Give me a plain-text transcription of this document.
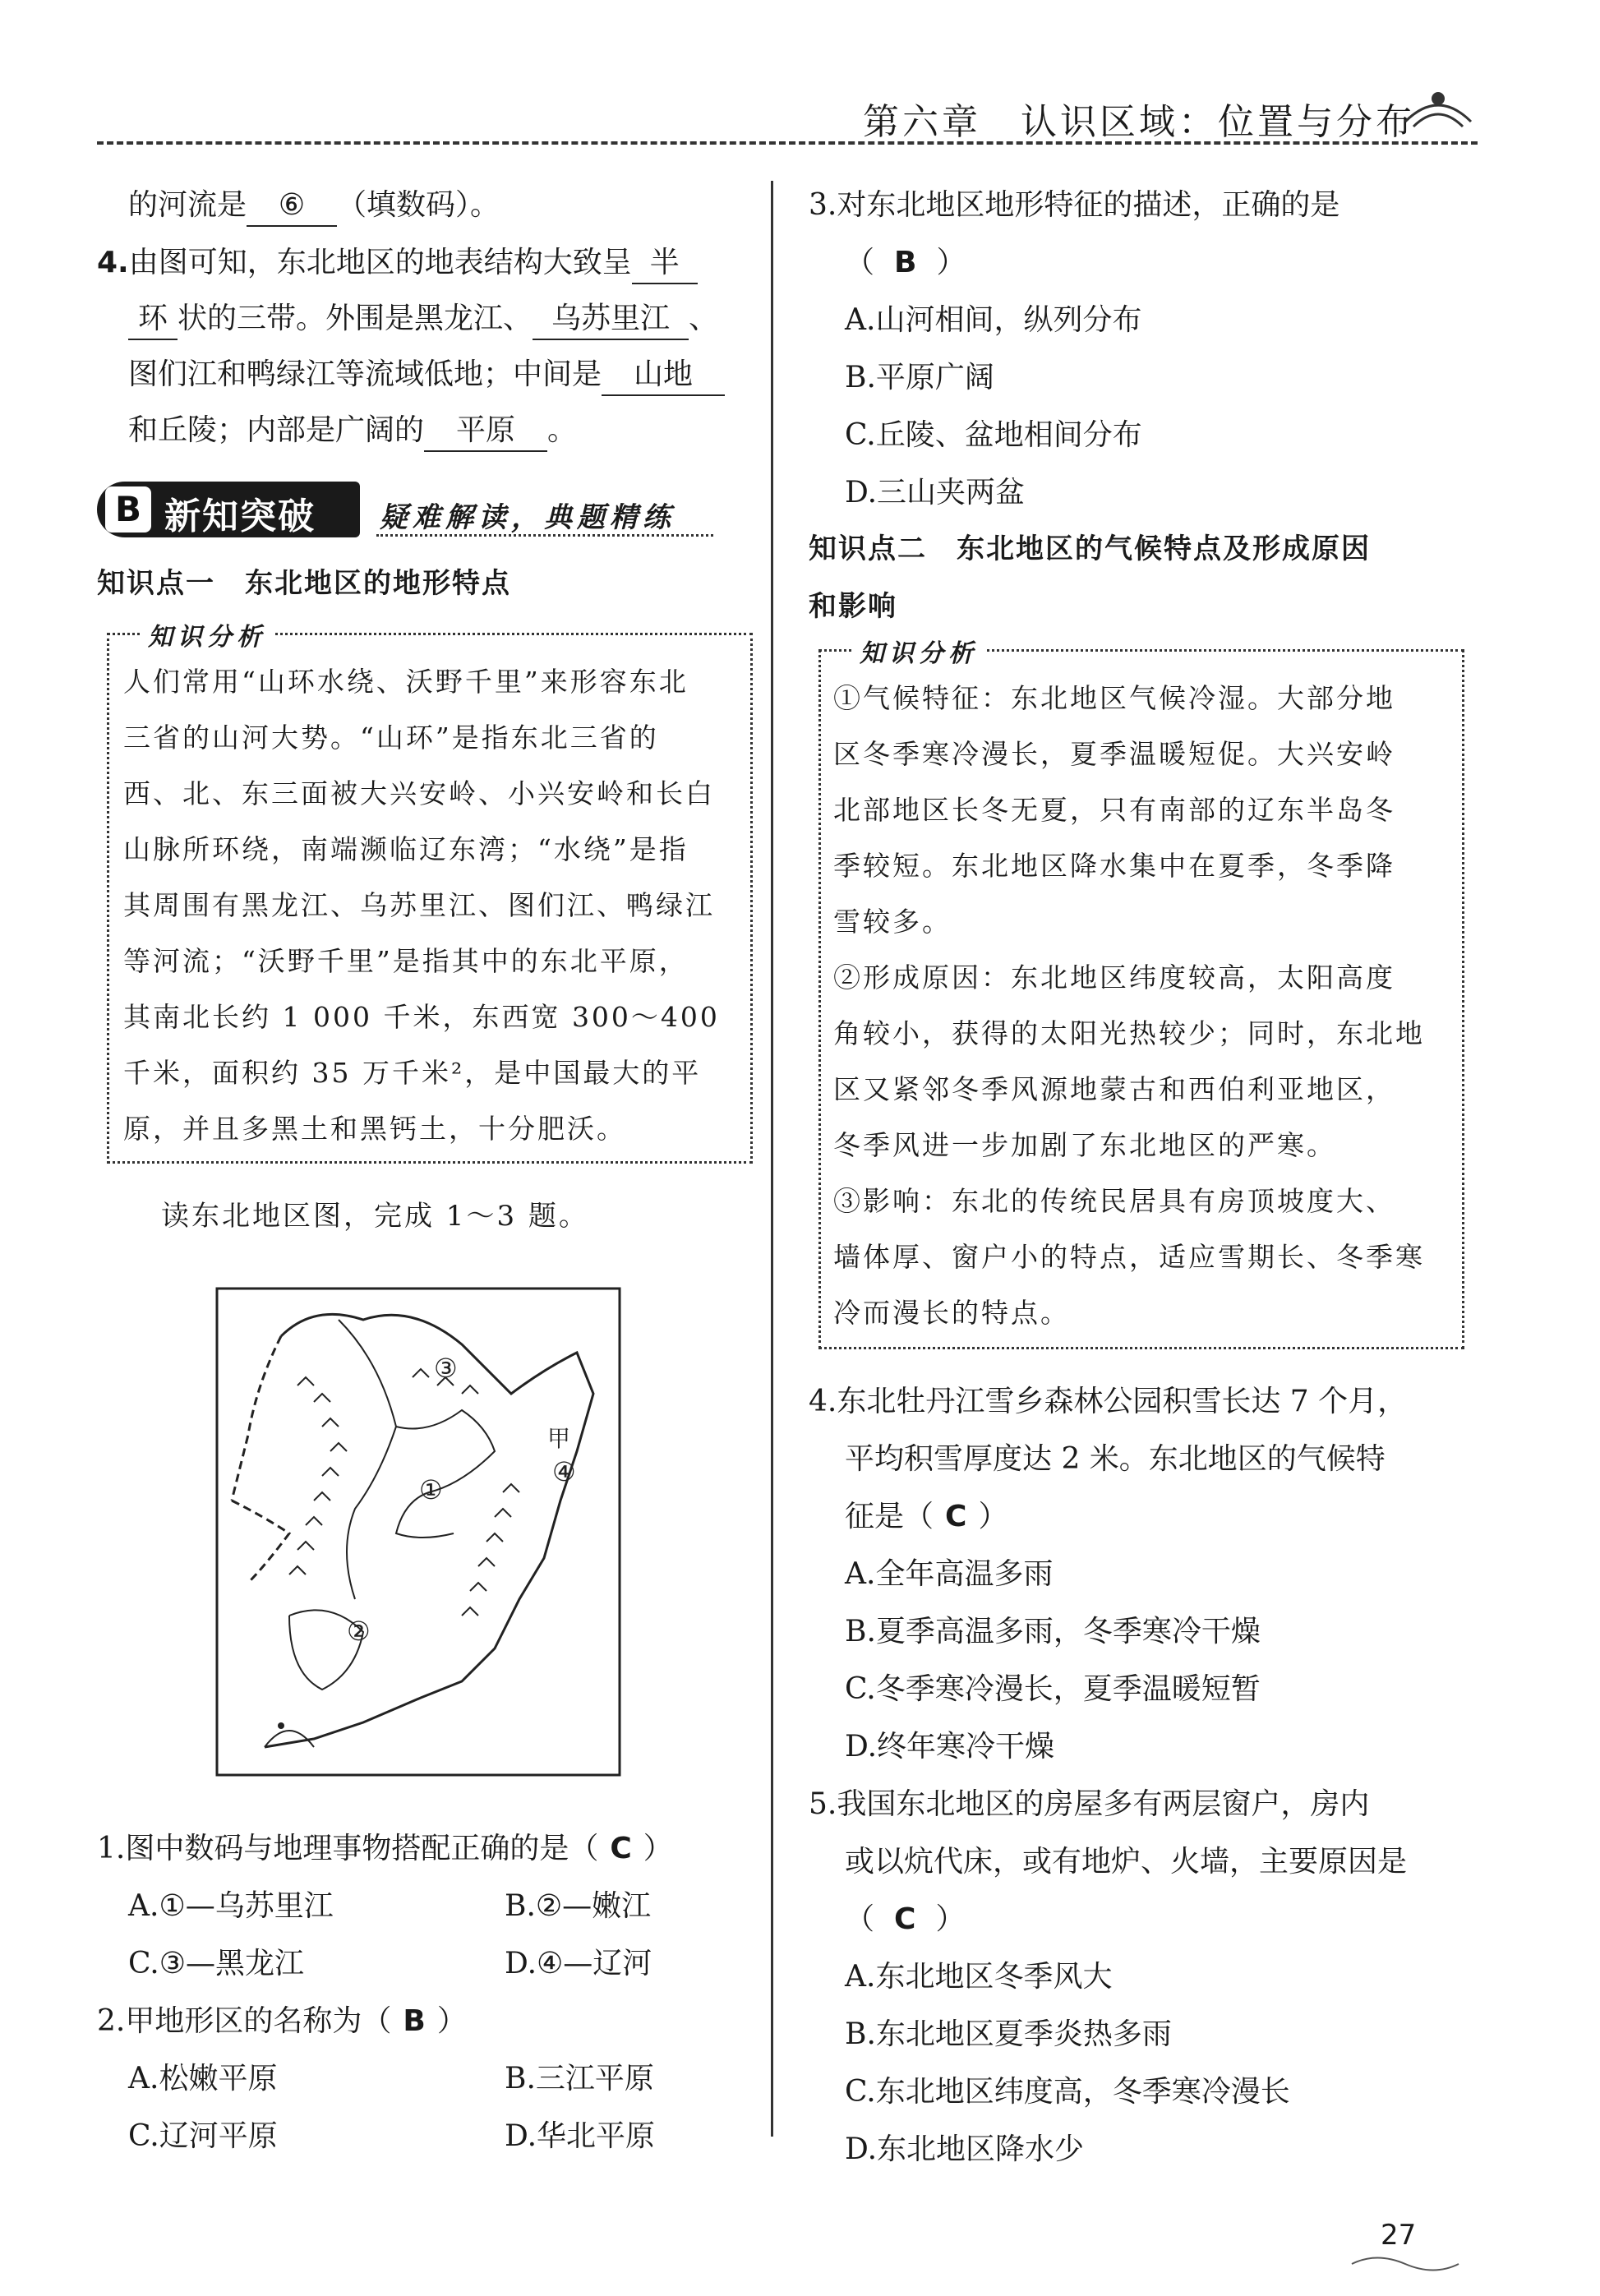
第六章　认识区域：位置与分布
的河流是 ⑥ （填数码）。
4.由图可知，东北地区的地表结构大致呈 半
环 状的三带。外围是黑龙江、 乌苏里江 、
图们江和鸭绿江等流域低地；中间是 山地
和丘陵；内部是广阔的 平原 。
B 新知突破 疑难解读，典题精练
知识点一　东北地区的地形特点
知识分析
人们常用“山环水绕、沃野千里”来形容东北
三省的山河大势。“山环”是指东北三省的
西、北、东三面被大兴安岭、小兴安岭和长白
山脉所环绕，南端濒临辽东湾；“水绕”是指
其周围有黑龙江、乌苏里江、图们江、鸭绿江
等河流；“沃野千里”是指其中的东北平原，
其南北长约 1 000 千米，东西宽 300～400
千米，面积约 35 万千米²，是中国最大的平
原，并且多黑土和黑钙土，十分肥沃。
读东北地区图，完成 1～3 题。
③
①
甲
④
②
1.图中数码与地理事物搭配正确的是（ C ）
A.①—乌苏里江	B.②—嫩江
C.③—黑龙江	D.④—辽河
2.甲地形区的名称为（ B ）
A.松嫩平原	B.三江平原
C.辽河平原	D.华北平原
3.对东北地区地形特征的描述，正确的是
（ B ）
A.山河相间，纵列分布
B.平原广阔
C.丘陵、盆地相间分布
D.三山夹两盆
知识点二　东北地区的气候特点及形成原因
和影响
知识分析
①气候特征：东北地区气候冷湿。大部分地
区冬季寒冷漫长，夏季温暖短促。大兴安岭
北部地区长冬无夏，只有南部的辽东半岛冬
季较短。东北地区降水集中在夏季，冬季降
雪较多。
②形成原因：东北地区纬度较高，太阳高度
角较小，获得的太阳光热较少；同时，东北地
区又紧邻冬季风源地蒙古和西伯利亚地区，
冬季风进一步加剧了东北地区的严寒。
③影响：东北的传统民居具有房顶坡度大、
墙体厚、窗户小的特点，适应雪期长、冬季寒
冷而漫长的特点。
4.东北牡丹江雪乡森林公园积雪长达 7 个月，
平均积雪厚度达 2 米。东北地区的气候特
征是（ C ）
A.全年高温多雨
B.夏季高温多雨，冬季寒冷干燥
C.冬季寒冷漫长，夏季温暖短暂
D.终年寒冷干燥
5.我国东北地区的房屋多有两层窗户，房内
或以炕代床，或有地炉、火墙，主要原因是
（ C ）
A.东北地区冬季风大
B.东北地区夏季炎热多雨
C.东北地区纬度高，冬季寒冷漫长
D.东北地区降水少
27
